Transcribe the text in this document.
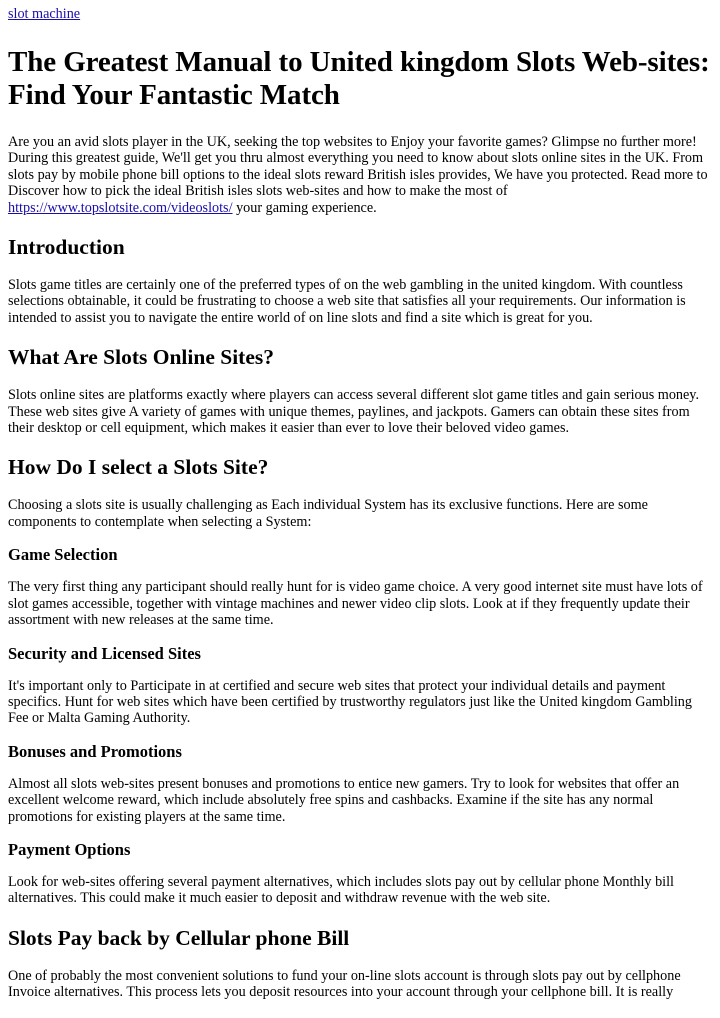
slot machine
The Greatest Manual to United kingdom Slots Web-sites: Find Your Fantastic Match

Are you an avid slots player in the UK, seeking the top websites to Enjoy your favorite games? Glimpse no further more! During this greatest guide, We'll get you thru almost everything you need to know about slots online sites in the UK. From slots pay by mobile phone bill options to the ideal slots reward British isles provides, We have you protected. Read more to Discover how to pick the ideal British isles slots web-sites and how to make the most of https://www.topslotsite.com/videoslots/ your gaming experience.

Introduction

Slots game titles are certainly one of the preferred types of on the web gambling in the united kingdom. With countless selections obtainable, it could be frustrating to choose a web site that satisfies all your requirements. Our information is intended to assist you to navigate the entire world of on line slots and find a site which is great for you.

What Are Slots Online Sites?

Slots online sites are platforms exactly where players can access several different slot game titles and gain serious money. These web sites give A variety of games with unique themes, paylines, and jackpots. Gamers can obtain these sites from their desktop or cell equipment, which makes it easier than ever to love their beloved video games.

How Do I select a Slots Site?

Choosing a slots site is usually challenging as Each individual System has its exclusive functions. Here are some components to contemplate when selecting a System:

Game Selection

The very first thing any participant should really hunt for is video game choice. A very good internet site must have lots of slot games accessible, together with vintage machines and newer video clip slots. Look at if they frequently update their assortment with new releases at the same time.

Security and Licensed Sites

It's important only to Participate in at certified and secure web sites that protect your individual details and payment specifics. Hunt for web sites which have been certified by trustworthy regulators just like the United kingdom Gambling Fee or Malta Gaming Authority.

Bonuses and Promotions

Almost all slots web-sites present bonuses and promotions to entice new gamers. Try to look for websites that offer an excellent welcome reward, which include absolutely free spins and cashbacks. Examine if the site has any normal promotions for existing players at the same time.

Payment Options

Look for web-sites offering several payment alternatives, which includes slots pay out by cellular phone Monthly bill alternatives. This could make it much easier to deposit and withdraw revenue with the web site.

Slots Pay back by Cellular phone Bill

One of probably the most convenient solutions to fund your on-line slots account is through slots pay out by cellphone Invoice alternatives. This process lets you deposit resources into your account through your cellphone bill. It is really
